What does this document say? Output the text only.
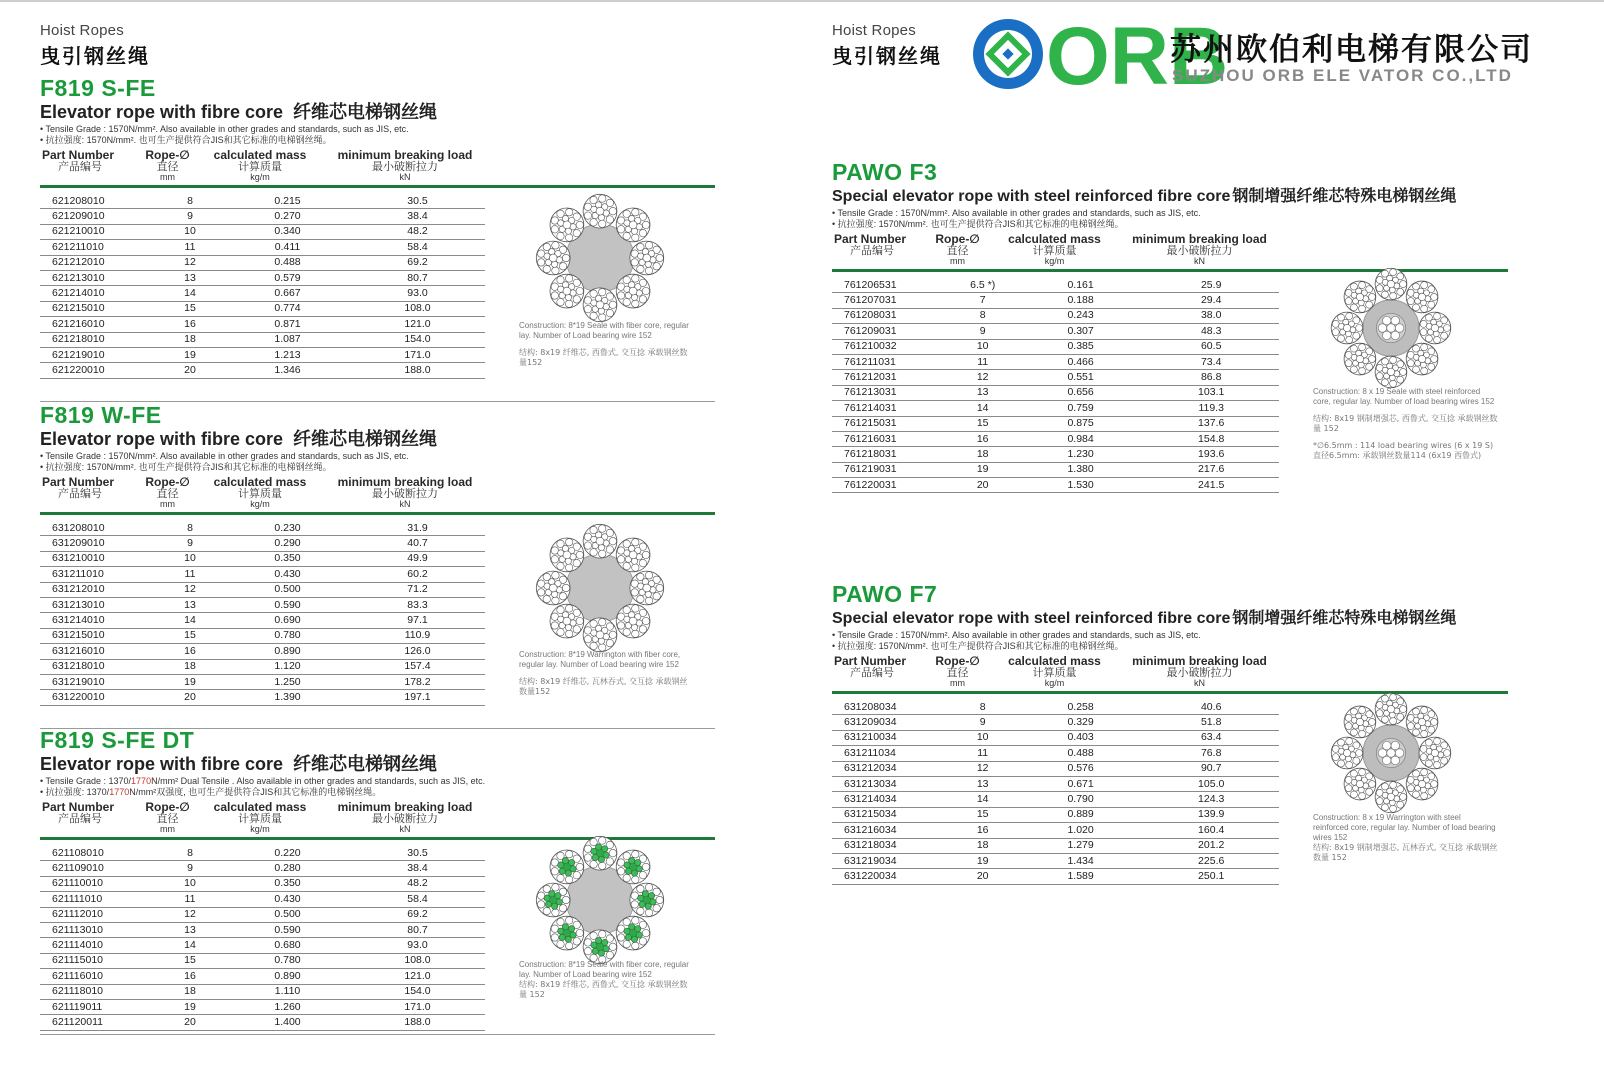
Hoist Ropes
曳引钢丝绳
F819 S-FE
Elevator rope with fibre core 纤维芯电梯钢丝绳
• Tensile Grade : 1570N/mm². Also available in other grades and standards, such as JIS, etc.
• 抗拉强度: 1570N/mm². 也可生产提供符合JIS和其它标准的电梯钢丝绳。
Part Number
产品编号
Rope-∅
直径
mm
calculated mass
计算质量
kg/m
minimum breaking load
最小破断拉力
kN
621208010	8	0.215	30.5
621209010	9	0.270	38.4
621210010	10	0.340	48.2
621211010	11	0.411	58.4
621212010	12	0.488	69.2
621213010	13	0.579	80.7
621214010	14	0.667	93.0
621215010	15	0.774	108.0
621216010	16	0.871	121.0
621218010	18	1.087	154.0
621219010	19	1.213	171.0
621220010	20	1.346	188.0
Construction: 8*19 Seale with fiber core, regular lay. Number of Load bearing wire 152
结构: 8x19 纤维芯, 西鲁式, 交互捻 承载钢丝数量152
F819 W-FE
Elevator rope with fibre core 纤维芯电梯钢丝绳
• Tensile Grade : 1570N/mm². Also available in other grades and standards, such as JIS, etc.
• 抗拉强度: 1570N/mm². 也可生产提供符合JIS和其它标准的电梯钢丝绳。
Part Number
产品编号
Rope-∅
直径
mm
calculated mass
计算质量
kg/m
minimum breaking load
最小破断拉力
kN
631208010	8	0.230	31.9
631209010	9	0.290	40.7
631210010	10	0.350	49.9
631211010	11	0.430	60.2
631212010	12	0.500	71.2
631213010	13	0.590	83.3
631214010	14	0.690	97.1
631215010	15	0.780	110.9
631216010	16	0.890	126.0
631218010	18	1.120	157.4
631219010	19	1.250	178.2
631220010	20	1.390	197.1
Construction: 8*19 Warrington with fiber core, regular lay. Number of Load bearing wire 152
结构: 8x19 纤维芯, 瓦林吞式, 交互捻 承载钢丝数量152
F819 S-FE DT
Elevator rope with fibre core 纤维芯电梯钢丝绳
• Tensile Grade : 1370/1770N/mm² Dual Tensile . Also available in other grades and standards, such as JIS, etc.
• 抗拉强度: 1370/1770N/mm²双强度, 也可生产提供符合JIS和其它标准的电梯钢丝绳。
Part Number
产品编号
Rope-∅
直径
mm
calculated mass
计算质量
kg/m
minimum breaking load
最小破断拉力
kN
621108010	8	0.220	30.5
621109010	9	0.280	38.4
621110010	10	0.350	48.2
621111010	11	0.430	58.4
621112010	12	0.500	69.2
621113010	13	0.590	80.7
621114010	14	0.680	93.0
621115010	15	0.780	108.0
621116010	16	0.890	121.0
621118010	18	1.110	154.0
621119011	19	1.260	171.0
621120011	20	1.400	188.0
Construction: 8*19 Seale with fiber core, regular lay. Number of Load bearing wire 152
结构: 8x19 纤维芯, 西鲁式, 交互捻 承载钢丝数量 152
Hoist Ropes
曳引钢丝绳 ORB
苏州欧伯利电梯有限公司
SUZHOU ORB ELE VATOR CO.,LTD
PAWO F3
Special elevator rope with steel reinforced fibre core 钢制增强纤维芯特殊电梯钢丝绳
• Tensile Grade : 1570N/mm². Also available in other grades and standards, such as JIS, etc.
• 抗拉强度: 1570N/mm². 也可生产提供符合JIS和其它标准的电梯钢丝绳。
Part Number
产品编号
Rope-∅
直径
mm
calculated mass
计算质量
kg/m
minimum breaking load
最小破断拉力
kN
761206531	6.5 *)	0.161	25.9
761207031	7	0.188	29.4
761208031	8	0.243	38.0
761209031	9	0.307	48.3
761210032	10	0.385	60.5
761211031	11	0.466	73.4
761212031	12	0.551	86.8
761213031	13	0.656	103.1
761214031	14	0.759	119.3
761215031	15	0.875	137.6
761216031	16	0.984	154.8
761218031	18	1.230	193.6
761219031	19	1.380	217.6
761220031	20	1.530	241.5
Construction: 8 x 19 Seale with steel reinforced core, regular lay. Number of load bearing wires 152
结构: 8x19 钢制增强芯, 西鲁式, 交互捻 承载钢丝数量 152
*∅6.5mm : 114 load bearing wires (6 x 19 S) 直径6.5mm: 承载钢丝数量114 (6x19 西鲁式)
PAWO F7
Special elevator rope with steel reinforced fibre core 钢制增强纤维芯特殊电梯钢丝绳
• Tensile Grade : 1570N/mm². Also available in other grades and standards, such as JIS, etc.
• 抗拉强度: 1570N/mm². 也可生产提供符合JIS和其它标准的电梯钢丝绳。
Part Number
产品编号
Rope-∅
直径
mm
calculated mass
计算质量
kg/m
minimum breaking load
最小破断拉力
kN
631208034	8	0.258	40.6
631209034	9	0.329	51.8
631210034	10	0.403	63.4
631211034	11	0.488	76.8
631212034	12	0.576	90.7
631213034	13	0.671	105.0
631214034	14	0.790	124.3
631215034	15	0.889	139.9
631216034	16	1.020	160.4
631218034	18	1.279	201.2
631219034	19	1.434	225.6
631220034	20	1.589	250.1
Construction: 8 x 19 Warrington with steel reinforced core, regular lay. Number of load bearing wires 152
结构: 8x19 钢制增强芯, 瓦林吞式, 交互捻 承载钢丝数量 152
